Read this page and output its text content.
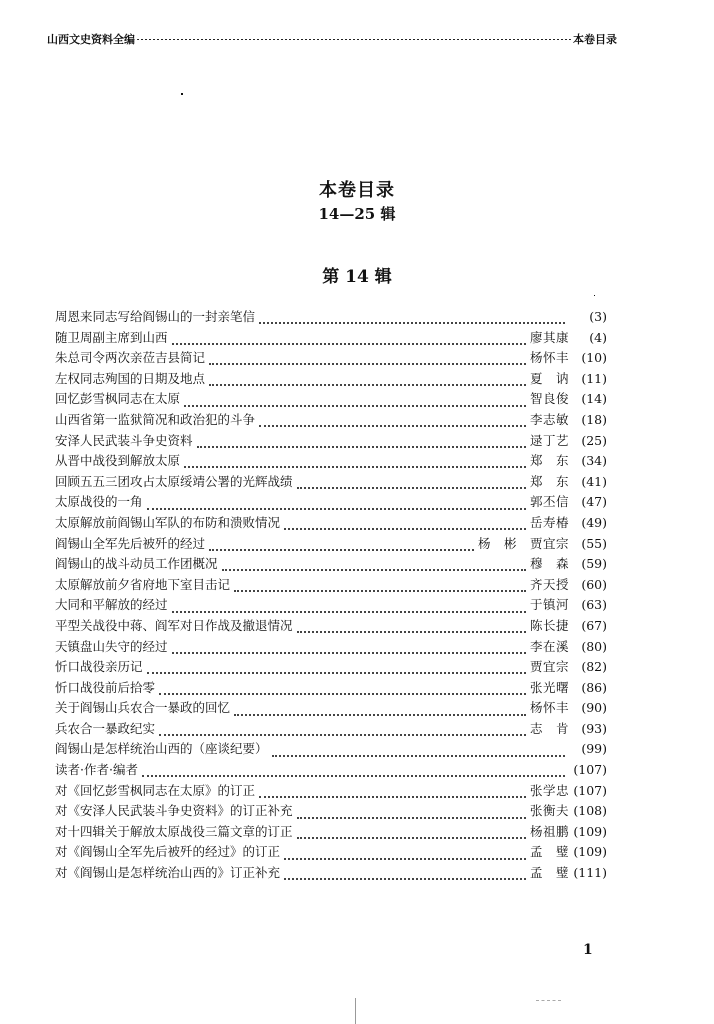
山西文史资料全编	本卷目录
本卷目录
14—25 辑
第 14 辑
周恩来同志写给阎锡山的一封亲笔信	(3)
随卫周副主席到山西	廖其康	(4)
朱总司令两次亲莅吉县简记	杨怀丰 (10)
左权同志殉国的日期及地点	夏　讷 (11)
回忆彭雪枫同志在太原	智良俊 (14)
山西省第一监狱简况和政治犯的斗争	李志敏 (18)
安泽人民武装斗争史资料	逯丁艺 (25)
从晋中战役到解放太原	郑　东 (34)
回顾五五三团攻占太原绥靖公署的光辉战绩	郑　东 (41)
太原战役的一角	郭丕信 (47)
太原解放前阎锡山军队的布防和溃败情况	岳寿椿 (49)
阎锡山全军先后被歼的经过	杨　彬　贾宜宗 (55)
阎锡山的战斗动员工作团概况	穆　森 (59)
太原解放前夕省府地下室目击记	齐天授 (60)
大同和平解放的经过	于镇河 (63)
平型关战役中蒋、阎军对日作战及撤退情况	陈长捷 (67)
天镇盘山失守的经过	李在溪 (80)
忻口战役亲历记	贾宜宗 (82)
忻口战役前后拾零	张光曙 (86)
关于阎锡山兵农合一暴政的回忆	杨怀丰 (90)
兵农合一暴政纪实	志　肯 (93)
阎锡山是怎样统治山西的（座谈纪要）	(99)
读者·作者·编者	(107)
对《回忆彭雪枫同志在太原》的订正	张学忠 (107)
对《安泽人民武装斗争史资料》的订正补充	张衡夫 (108)
对十四辑关于解放太原战役三篇文章的订正	杨祖鹏 (109)
对《阎锡山全军先后被歼的经过》的订正	孟　璧 (109)
对《阎锡山是怎样统治山西的》订正补充	孟　璧 (111)
1
